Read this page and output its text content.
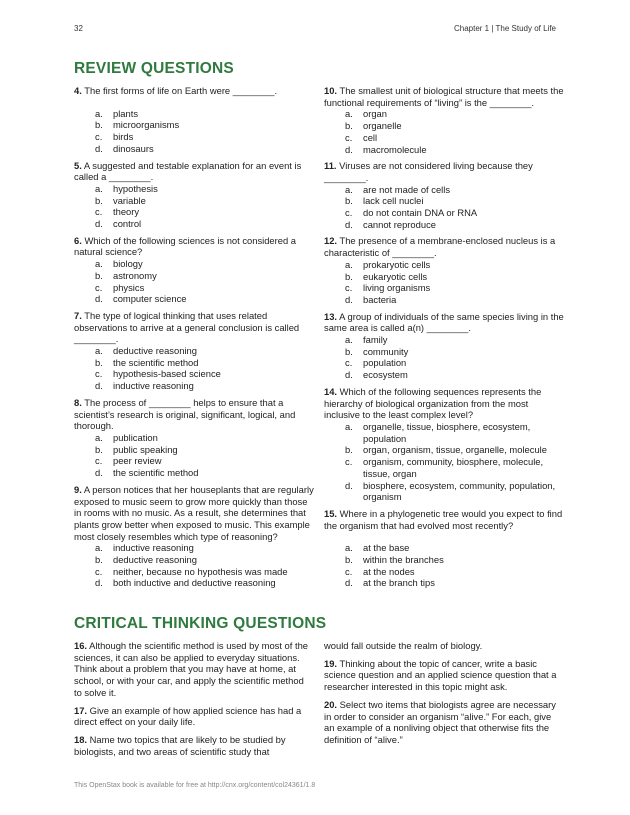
32	Chapter 1 | The Study of Life
REVIEW QUESTIONS

4. The first forms of life on Earth were ________.

a. plants
b. microorganisms
c. birds
d. dinosaurs

5. A suggested and testable explanation for an event is called a ________.

a. hypothesis
b. variable
c. theory
d. control

6. Which of the following sciences is not considered a natural science?

a. biology
b. astronomy
c. physics
d. computer science

7. The type of logical thinking that uses related observations to arrive at a general conclusion is called ________.

a. deductive reasoning
b. the scientific method
c. hypothesis-based science
d. inductive reasoning

8. The process of ________ helps to ensure that a scientist’s research is original, significant, logical, and thorough.

a. publication
b. public speaking
c. peer review
d. the scientific method

9. A person notices that her houseplants that are regularly exposed to music seem to grow more quickly than those in rooms with no music. As a result, she determines that plants grow better when exposed to music. This example most closely resembles which type of reasoning?

a. inductive reasoning
b. deductive reasoning
c. neither, because no hypothesis was made
d. both inductive and deductive reasoning

10. The smallest unit of biological structure that meets the functional requirements of “living” is the ________.

a. organ
b. organelle
c. cell
d. macromolecule

11. Viruses are not considered living because they ________.

a. are not made of cells
b. lack cell nuclei
c. do not contain DNA or RNA
d. cannot reproduce

12. The presence of a membrane-enclosed nucleus is a characteristic of ________.

a. prokaryotic cells
b. eukaryotic cells
c. living organisms
d. bacteria

13. A group of individuals of the same species living in the same area is called a(n) ________.

a. family
b. community
c. population
d. ecosystem

14. Which of the following sequences represents the hierarchy of biological organization from the most inclusive to the least complex level?

a. organelle, tissue, biosphere, ecosystem, population
b. organ, organism, tissue, organelle, molecule
c. organism, community, biosphere, molecule, tissue, organ
d. biosphere, ecosystem, community, population, organism

15. Where in a phylogenetic tree would you expect to find the organism that had evolved most recently?

a. at the base
b. within the branches
c. at the nodes
d. at the branch tips
CRITICAL THINKING QUESTIONS

16. Although the scientific method is used by most of the sciences, it can also be applied to everyday situations. Think about a problem that you may have at home, at school, or with your car, and apply the scientific method to solve it.

17. Give an example of how applied science has had a direct effect on your daily life.

18. Name two topics that are likely to be studied by biologists, and two areas of scientific study that

would fall outside the realm of biology.

19. Thinking about the topic of cancer, write a basic science question and an applied science question that a researcher interested in this topic might ask.

20. Select two items that biologists agree are necessary in order to consider an organism “alive.” For each, give an example of a nonliving object that otherwise fits the definition of “alive.”

This OpenStax book is available for free at http://cnx.org/content/col24361/1.8
